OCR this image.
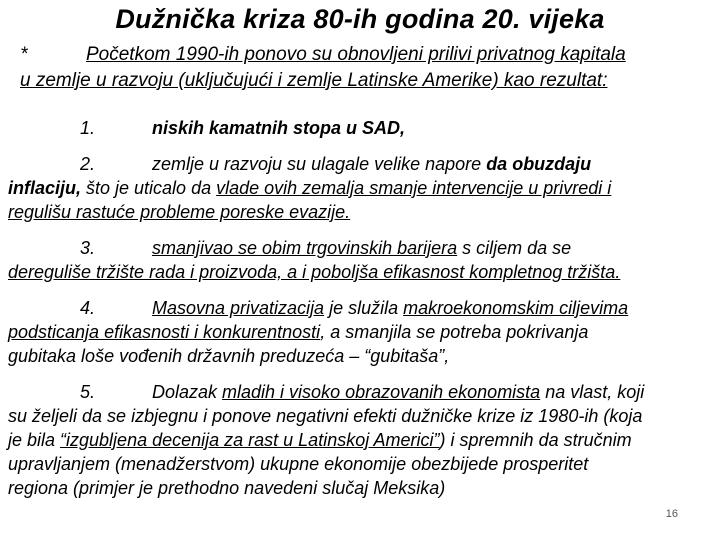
Dužnička kriza 80-ih godina 20. vijeka
*	Početkom 1990-ih ponovo su obnovljeni prilivi privatnog kapitala
u zemlje u razvoju (uključujući i zemlje Latinske Amerike) kao rezultat:
1.	niskih kamatnih stopa u SAD,
2.	zemlje u razvoju su ulagale velike napore da obuzdaju
inflaciju, što je uticalo da vlade ovih zemalja smanje intervencije u privredi i
regulišu rastuće probleme poreske evazije.
3.	smanjivao se obim trgovinskih barijera s ciljem da se
dereguliše tržište rada i proizvoda, a i poboljša efikasnost kompletnog tržišta.
4.	Masovna privatizacija je služila makroekonomskim ciljevima
podsticanja efikasnosti i konkurentnosti, a smanjila se potreba pokrivanja
gubitaka loše vođenih državnih preduzeća – “gubitaša”,
5.	Dolazak mladih i visoko obrazovanih ekonomista na vlast, koji
su željeli da se izbjegnu i ponove negativni efekti dužničke krize iz 1980-ih (koja
je bila “izgubljena decenija za rast u Latinskoj Americi”) i spremnih da stručnim
upravljanjem (menadžerstvom) ukupne ekonomije obezbijede prosperitet
regiona (primjer je prethodno navedeni slučaj Meksika)
16
